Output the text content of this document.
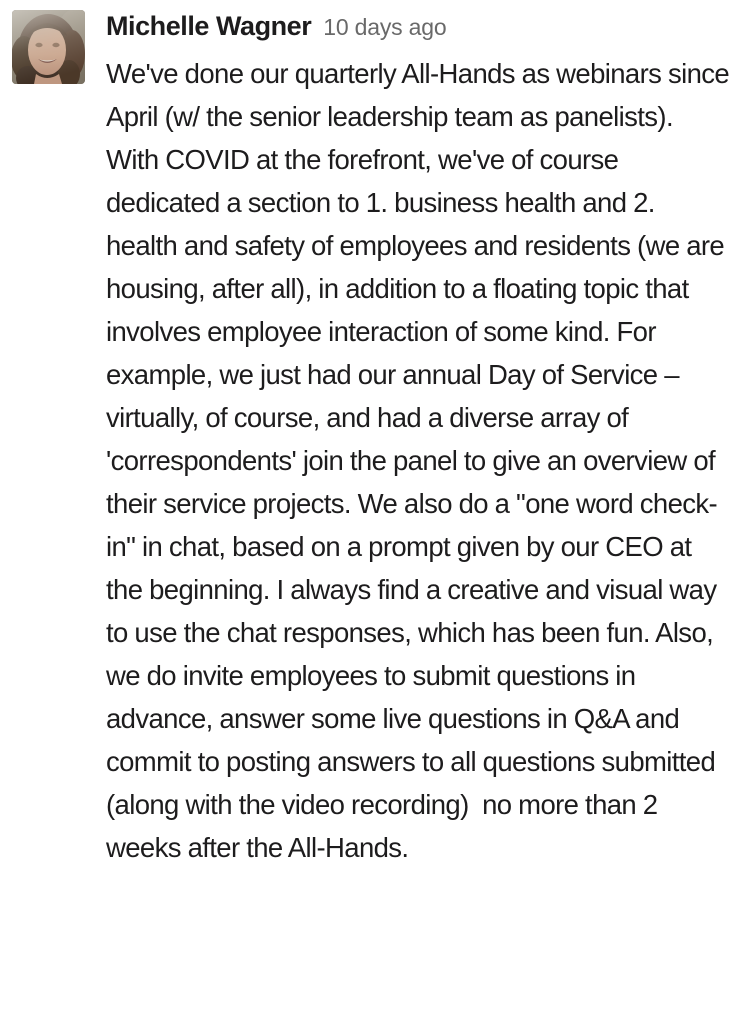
Michelle Wagner 10 days ago
We've done our quarterly All-Hands as webinars since April (w/ the senior leadership team as panelists). With COVID at the forefront, we've of course dedicated a section to 1. business health and 2. health and safety of employees and residents (we are housing, after all), in addition to a floating topic that involves employee interaction of some kind. For example, we just had our annual Day of Service – virtually, of course, and had a diverse array of 'correspondents' join the panel to give an overview of their service projects. We also do a "one word check-in" in chat, based on a prompt given by our CEO at the beginning. I always find a creative and visual way to use the chat responses, which has been fun. Also, we do invite employees to submit questions in advance, answer some live questions in Q&A and commit to posting answers to all questions submitted (along with the video recording)  no more than 2 weeks after the All-Hands.
